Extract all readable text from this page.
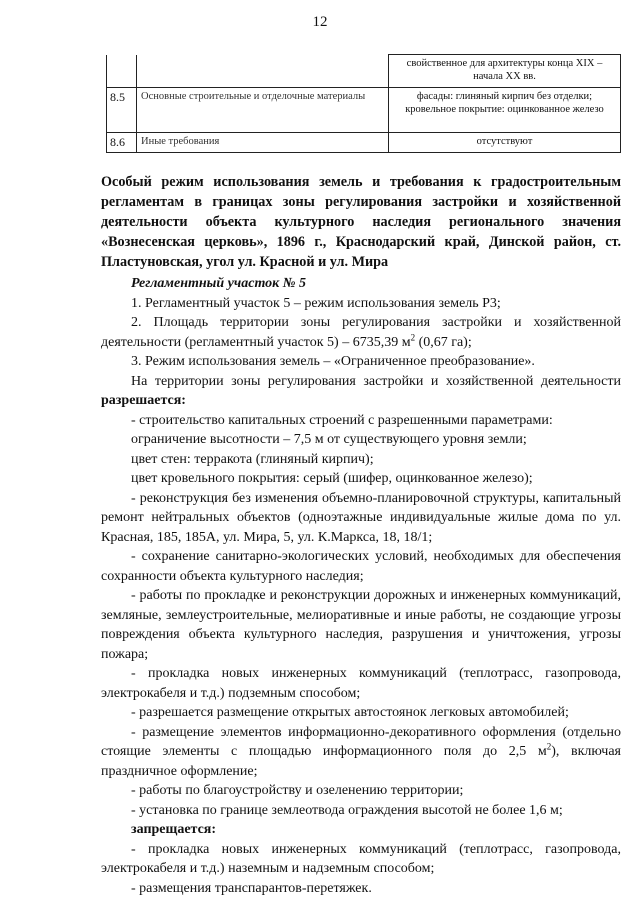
12
		свойственное для архитектуры конца XIX – начала XX вв.
8.5	Основные строительные и отделочные материалы	фасады: глиняный кирпич без отделки; кровельное покрытие: оцинкованное железо
8.6	Иные требования	отсутствуют
Особый режим использования земель и требования к градостроительным регламентам в границах зоны регулирования застройки и хозяйственной деятельности объекта культурного наследия регионального значения «Вознесенская церковь», 1896 г., Краснодарский край, Динской район, ст. Пластуновская, угол ул. Красной и ул. Мира

Регламентный участок № 5

1. Регламентный участок 5 – режим использования земель Р3;

2. Площадь территории зоны регулирования застройки и хозяйственной деятельности (регламентный участок 5) – 6735,39 $м^2$ (0,67 га);

3. Режим использования земель – «Ограниченное преобразование».

На территории зоны регулирования застройки и хозяйственной деятельности разрешается:

- строительство капитальных строений с разрешенными параметрами:

ограничение высотности – 7,5 м от существующего уровня земли;

цвет стен: терракота (глиняный кирпич);

цвет кровельного покрытия: серый (шифер, оцинкованное железо);

- реконструкция без изменения объемно-планировочной структуры, капитальный ремонт нейтральных объектов (одноэтажные индивидуальные жилые дома по ул. Красная, 185, 185А, ул. Мира, 5, ул. К.Маркса, 18, 18/1;

- сохранение санитарно-экологических условий, необходимых для обеспечения сохранности объекта культурного наследия;

- работы по прокладке и реконструкции дорожных и инженерных коммуникаций, земляные, землеустроительные, мелиоративные и иные работы, не создающие угрозы повреждения объекта культурного наследия, разрушения и уничтожения, угрозы пожара;

- прокладка новых инженерных коммуникаций (теплотрасс, газопровода, электрокабеля и т.д.) подземным способом;

- разрешается размещение открытых автостоянок легковых автомобилей;

- размещение элементов информационно-декоративного оформления (отдельно стоящие элементы с площадью информационного поля до 2,5 $м^2$), включая праздничное оформление;

- работы по благоустройству и озеленению территории;

- установка по границе землеотвода ограждения высотой не более 1,6 м;

запрещается:

- прокладка новых инженерных коммуникаций (теплотрасс, газопровода, электрокабеля и т.д.) наземным и надземным способом;

- размещения транспарантов-перетяжек.
